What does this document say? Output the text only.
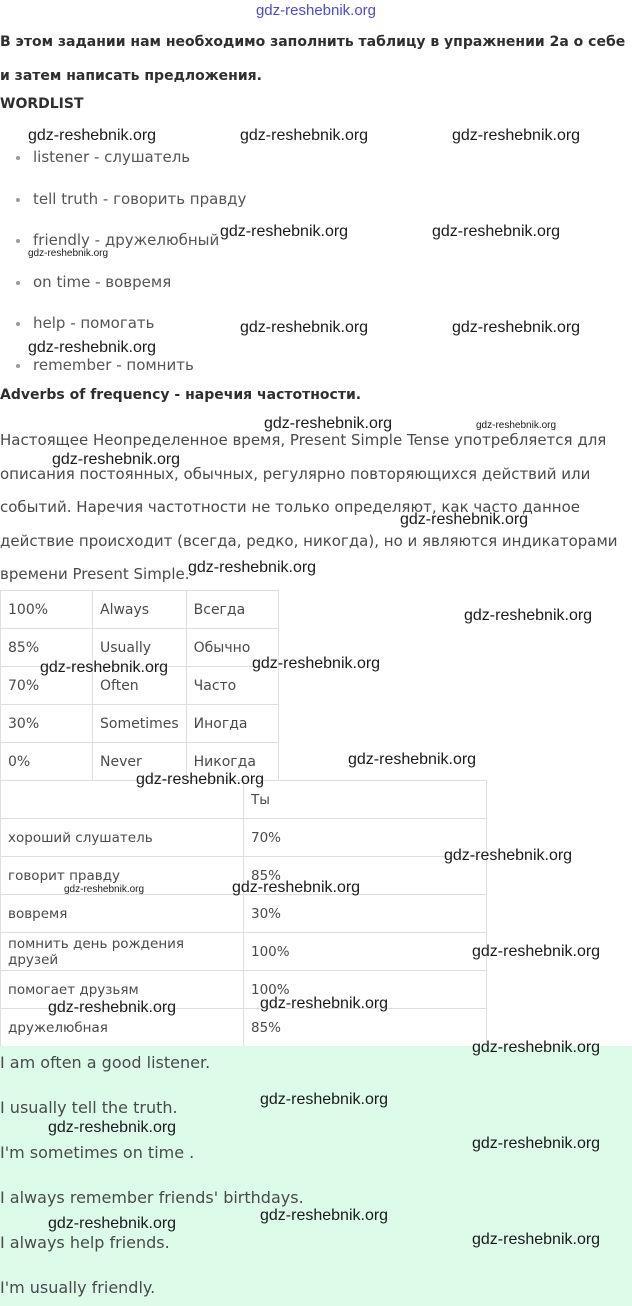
gdz-reshebnik.org
В этом задании нам необходимо заполнить таблицу в упражнении 2а о себе и затем написать предложения.
WORDLIST
listener - слушатель
tell truth - говорить правду
friendly - дружелюбный
on time - вовремя
help - помогать
remember - помнить
Adverbs of frequency - наречия частотности.
Настоящее Неопределенное время, Present Simple Tense употребляется для описания постоянных, обычных, регулярно повторяющихся действий или событий. Наречия частотности не только определяют, как часто данное действие происходит (всегда, редко, никогда), но и являются индикаторами времени Present Simple.
100%	Always	Всегда
85%	Usually	Обычно
70%	Often	Часто
30%	Sometimes	Иногда
0%	Never	Никогда
	Ты
хороший слушатель	70%
говорит правду	85%
вовремя	30%
помнить день рождения друзей	100%
помогает друзьям	100%
дружелюбная	85%
I am often a good listener.
I usually tell the truth.
I'm sometimes on time .
I always remember friends' birthdays.
I always help friends.
I'm usually friendly.
gdz-reshebnik.org	gdz-reshebnik.org	gdz-reshebnik.org
gdz-reshebnik.org	gdz-reshebnik.org
gdz-reshebnik.org
gdz-reshebnik.org	gdz-reshebnik.org
gdz-reshebnik.org
gdz-reshebnik.org	gdz-reshebnik.org
gdz-reshebnik.org
gdz-reshebnik.org
gdz-reshebnik.org
gdz-reshebnik.org
gdz-reshebnik.org	gdz-reshebnik.org
gdz-reshebnik.org
gdz-reshebnik.org
gdz-reshebnik.org
gdz-reshebnik.org	gdz-reshebnik.org
gdz-reshebnik.org
gdz-reshebnik.org	gdz-reshebnik.org
gdz-reshebnik.org
gdz-reshebnik.org
gdz-reshebnik.org
gdz-reshebnik.org
gdz-reshebnik.org
gdz-reshebnik.org
gdz-reshebnik.org
